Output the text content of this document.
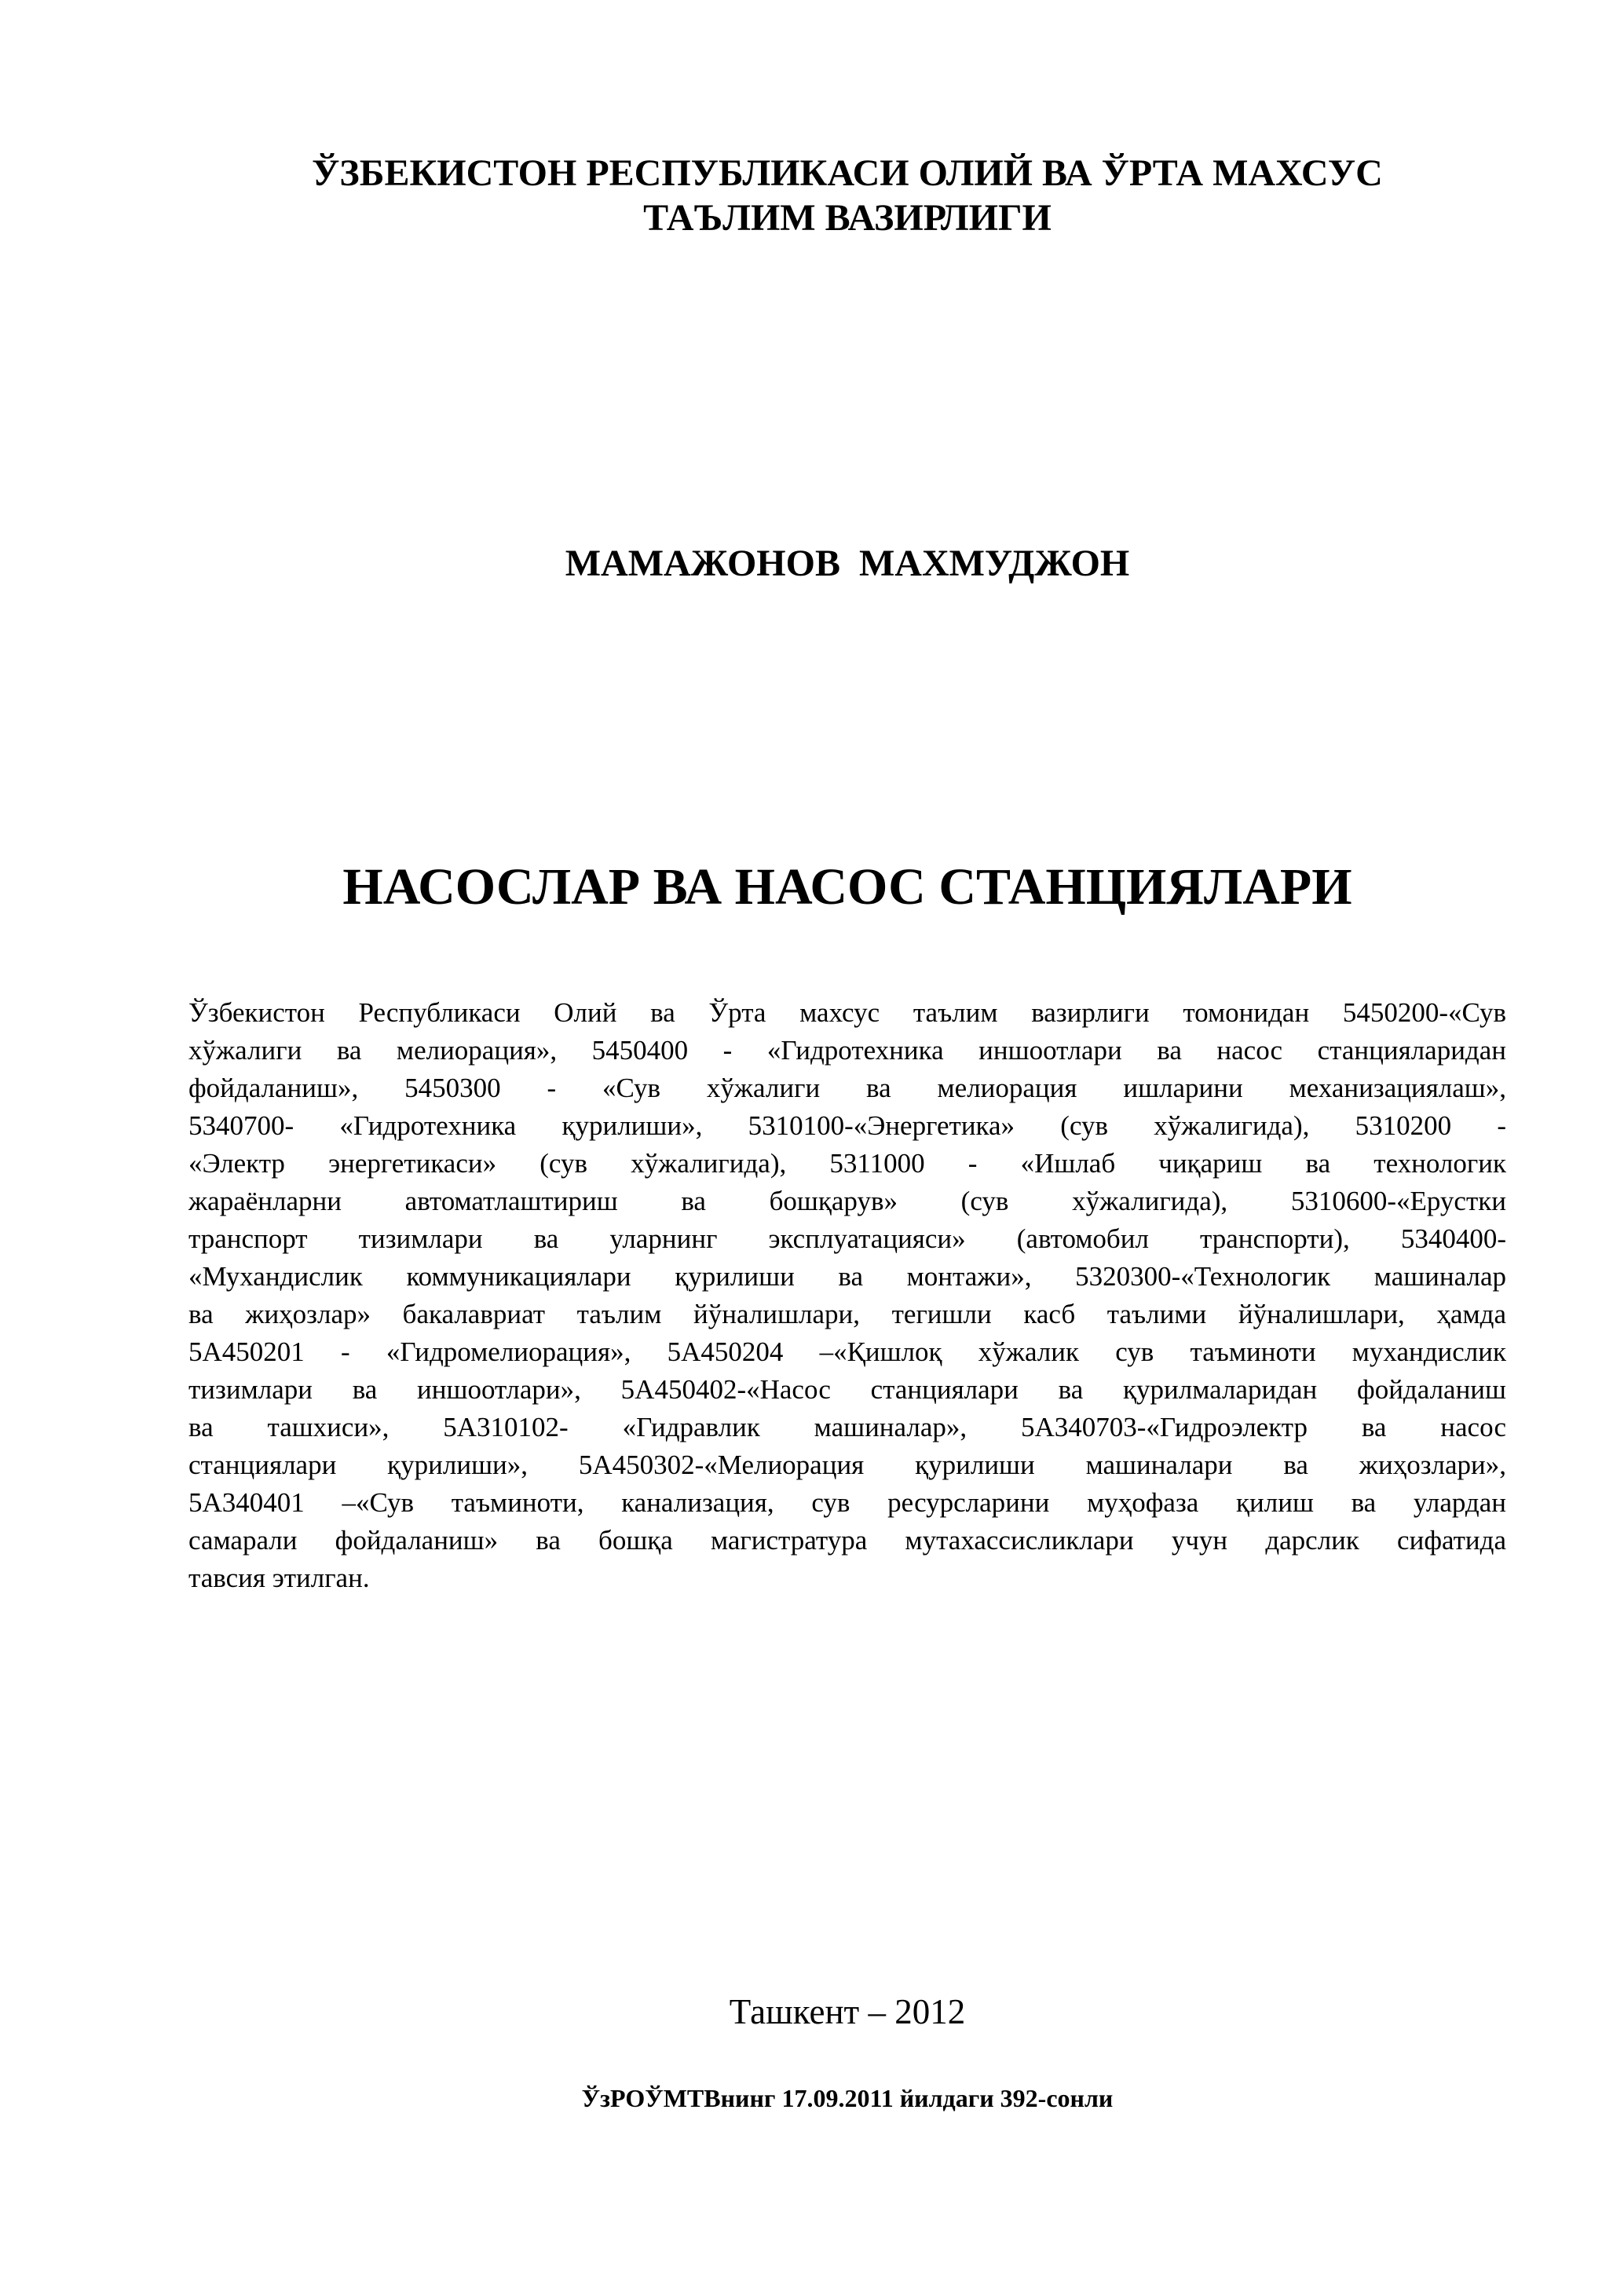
ЎЗБЕКИСТОН РЕСПУБЛИКАСИ ОЛИЙ ВА ЎРТА МАХСУС
ТАЪЛИМ ВАЗИРЛИГИ
МАМАЖОНОВ  МАХМУДЖОН
НАСОСЛАР ВА НАСОС СТАНЦИЯЛАРИ
Ўзбекистон Республикаси Олий ва Ўрта махсус таълим вазирлиги томонидан 5450200-«Сув
хўжалиги ва мелиорация», 5450400 - «Гидротехника иншоотлари ва насос станцияларидан
фойдаланиш», 5450300 - «Сув хўжалиги ва мелиорация ишларини механизациялаш»,
5340700- «Гидротехника қурилиши», 5310100-«Энергетика» (сув хўжалигида), 5310200 -
«Электр энергетикаси» (сув хўжалигида), 5311000 - «Ишлаб чиқариш ва технологик
жараёнларни автоматлаштириш ва бошқарув» (сув хўжалигида), 5310600-«Ерустки
транспорт тизимлари ва уларнинг эксплуатацияси» (автомобил транспорти), 5340400-
«Мухандислик коммуникациялари қурилиши ва монтажи», 5320300-«Технологик машиналар
ва жиҳозлар» бакалавриат таълим йўналишлари, тегишли касб таълими йўналишлари, ҳамда
5А450201 - «Гидромелиорация», 5А450204 –«Қишлоқ хўжалик сув таъминоти мухандислик
тизимлари ва иншоотлари», 5А450402-«Насос станциялари ва қурилмаларидан фойдаланиш
ва ташхиси», 5А310102- «Гидравлик машиналар», 5А340703-«Гидроэлектр ва насос
станциялари қурилиши», 5А450302-«Мелиорация қурилиши машиналари ва жиҳозлари»,
5А340401 –«Сув таъминоти, канализация, сув ресурсларини муҳофаза қилиш ва улардан
самарали фойдаланиш» ва бошқа магистратура мутахассисликлари учун дарслик сифатида
тавсия этилган.
Ташкент – 2012
ЎзРОЎМТВнинг 17.09.2011 йилдаги 392-сонли
